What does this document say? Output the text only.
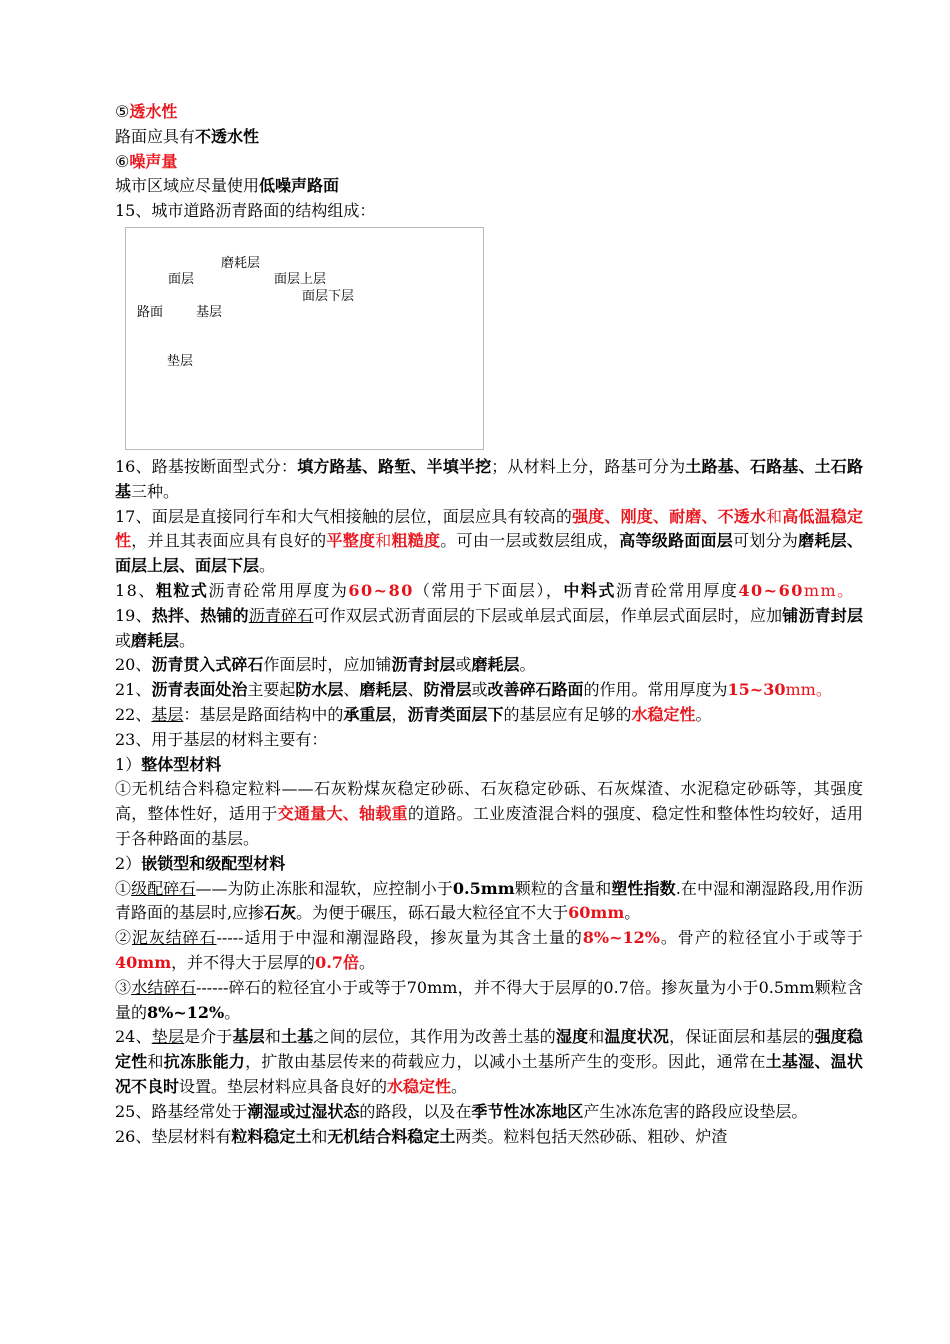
⑤透水性

路面应具有不透水性

⑥噪声量

城市区域应尽量使用低噪声路面

15、城市道路沥青路面的结构组成：

磨耗层
面层	面层上层
面层下层
路面	基层
垫层

16、路基按断面型式分：填方路基、路堑、半填半挖；从材料上分，路基可分为土路基、石路基、土石路基三种。

17、面层是直接同行车和大气相接触的层位，面层应具有较高的强度、刚度、耐磨、不透水和高低温稳定性，并且其表面应具有良好的平整度和粗糙度。可由一层或数层组成，高等级路面面层可划分为磨耗层、面层上层、面层下层。

18、粗粒式沥青砼常用厚度为60~80（常用于下面层），中料式沥青砼常用厚度40~60mm。

19、热拌、热铺的沥青碎石可作双层式沥青面层的下层或单层式面层，作单层式面层时，应加铺沥青封层或磨耗层。

20、沥青贯入式碎石作面层时，应加铺沥青封层或磨耗层。

21、沥青表面处治主要起防水层、磨耗层、防滑层或改善碎石路面的作用。常用厚度为15~30mm。

22、基层：基层是路面结构中的承重层，沥青类面层下的基层应有足够的水稳定性。

23、用于基层的材料主要有：

1）整体型材料

①无机结合料稳定粒料——石灰粉煤灰稳定砂砾、石灰稳定砂砾、石灰煤渣、水泥稳定砂砾等，其强度高，整体性好，适用于交通量大、轴载重的道路。工业废渣混合料的强度、稳定性和整体性均较好，适用于各种路面的基层。

2）嵌锁型和级配型材料

①级配碎石——为防止冻胀和湿软，应控制小于0.5mm颗粒的含量和塑性指数.在中湿和潮湿路段,用作沥青路面的基层时,应掺石灰。为便于碾压，砾石最大粒径宜不大于60mm。

②泥灰结碎石-----适用于中湿和潮湿路段，掺灰量为其含土量的8%~12%。骨产的粒径宜小于或等于40mm，并不得大于层厚的0.7倍。

③水结碎石------碎石的粒径宜小于或等于70mm，并不得大于层厚的0.7倍。掺灰量为小于0.5mm颗粒含量的8%~12%。

24、垫层是介于基层和土基之间的层位，其作用为改善土基的湿度和温度状况，保证面层和基层的强度稳定性和抗冻胀能力，扩散由基层传来的荷载应力，以减小土基所产生的变形。因此，通常在土基湿、温状况不良时设置。垫层材料应具备良好的水稳定性。

25、路基经常处于潮湿或过湿状态的路段，以及在季节性冰冻地区产生冰冻危害的路段应设垫层。

26、垫层材料有粒料稳定土和无机结合料稳定土两类。粒料包括天然砂砾、粗砂、炉渣
